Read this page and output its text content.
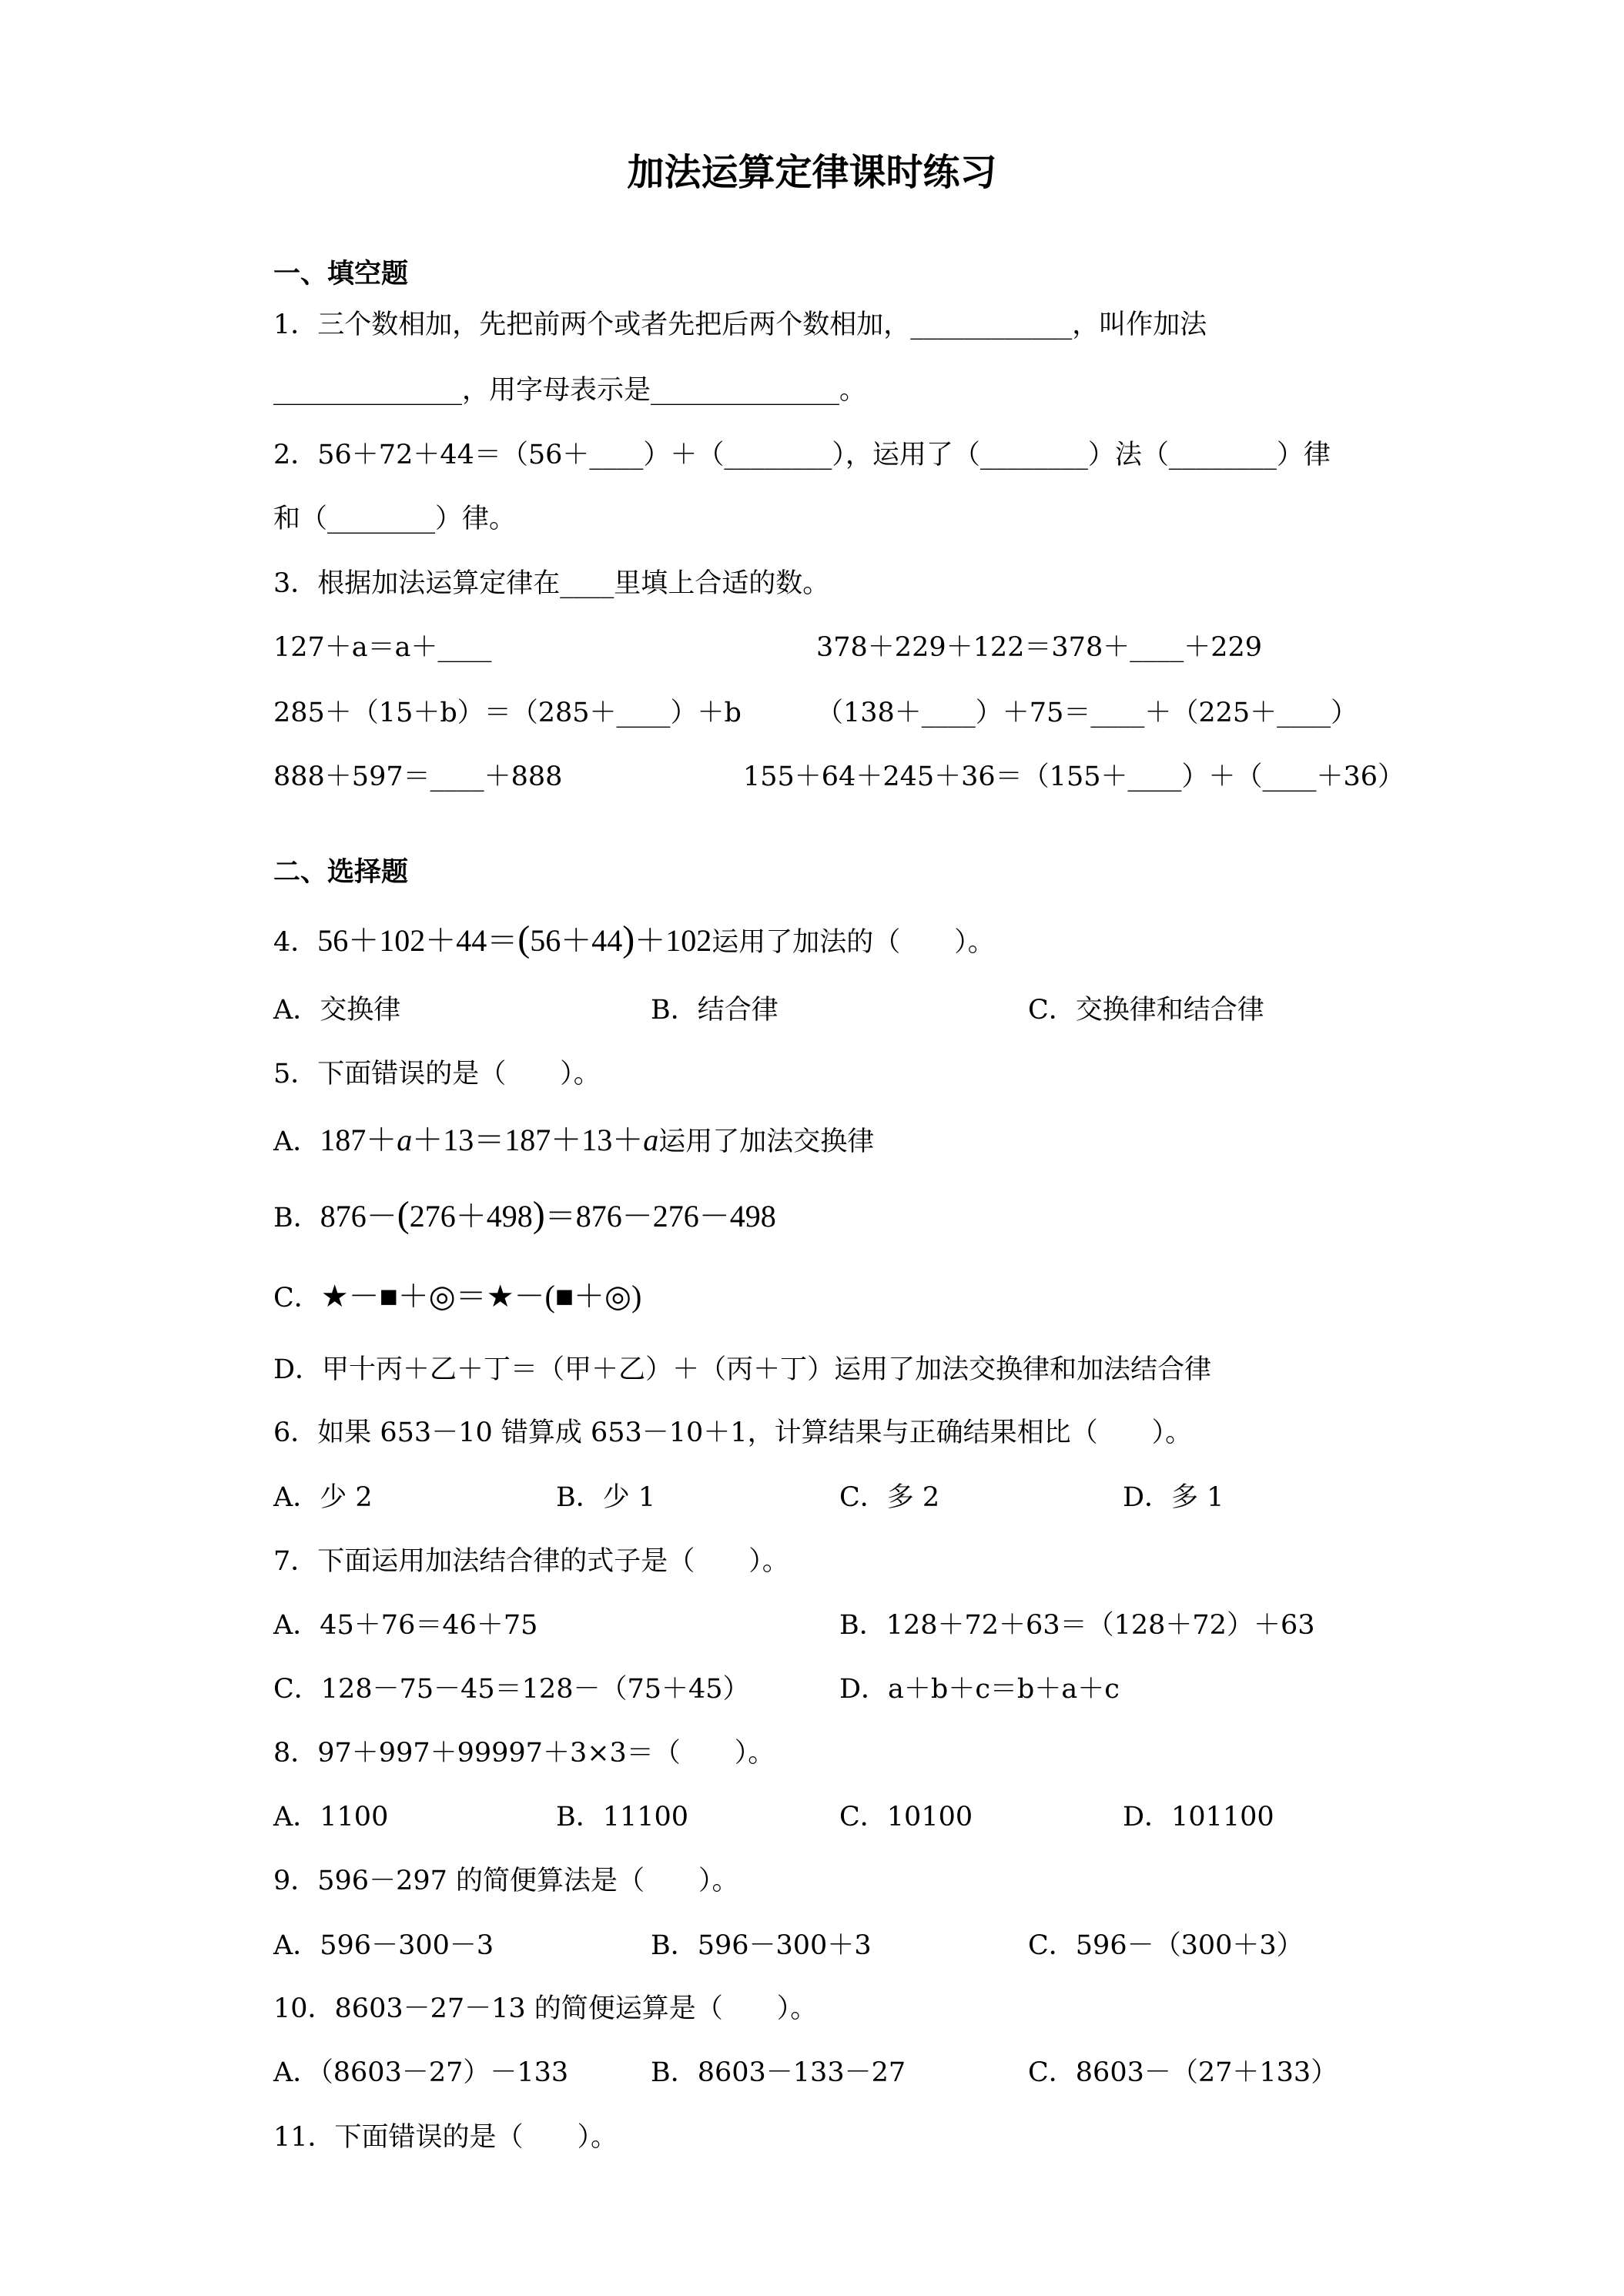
加法运算定律课时练习
一、填空题
1．三个数相加，先把前两个或者先把后两个数相加，____________，叫作加法
______________，用字母表示是______________。
2．56＋72＋44＝（56＋____）＋（________），运用了（________）法（________）律
和（________）律。
3．根据加法运算定律在____里填上合适的数。
127＋a＝a＋____	378＋229＋122＝378＋____＋229
285＋（15＋b）＝（285＋____）＋b	（138＋____）＋75＝____＋（225＋____）
888＋597＝____＋888	155＋64＋245＋36＝（155＋____）＋（____＋36）
二、选择题
4．56＋102＋44＝(56＋44)＋102运用了加法的（　　）。
A．交换律	B．结合律	C．交换律和结合律
5．下面错误的是（　　）。
A．187＋a＋13＝187＋13＋a运用了加法交换律
B．876－(276＋498)＝876－276－498
C．★－■＋◎＝★－(■＋◎)
D．甲十丙＋乙＋丁＝（甲＋乙）＋（丙＋丁）运用了加法交换律和加法结合律
6．如果 653－10 错算成 653－10＋1，计算结果与正确结果相比（　　）。
A．少 2	B．少 1	C．多 2	D．多 1
7．下面运用加法结合律的式子是（　　）。
A．45＋76＝46＋75	B．128＋72＋63＝（128＋72）＋63
C．128－75－45＝128－（75＋45）	D．a＋b＋c＝b＋a＋c
8．97＋997＋99997＋3×3＝（　　）。
A．1100	B．11100	C．10100	D．101100
9．596－297 的简便算法是（　　）。
A．596－300－3	B．596－300＋3	C．596－（300＋3）
10．8603－27－13 的简便运算是（　　）。
A．（8603－27）－133	B．8603－133－27	C．8603－（27＋133）
11．下面错误的是（　　）。
